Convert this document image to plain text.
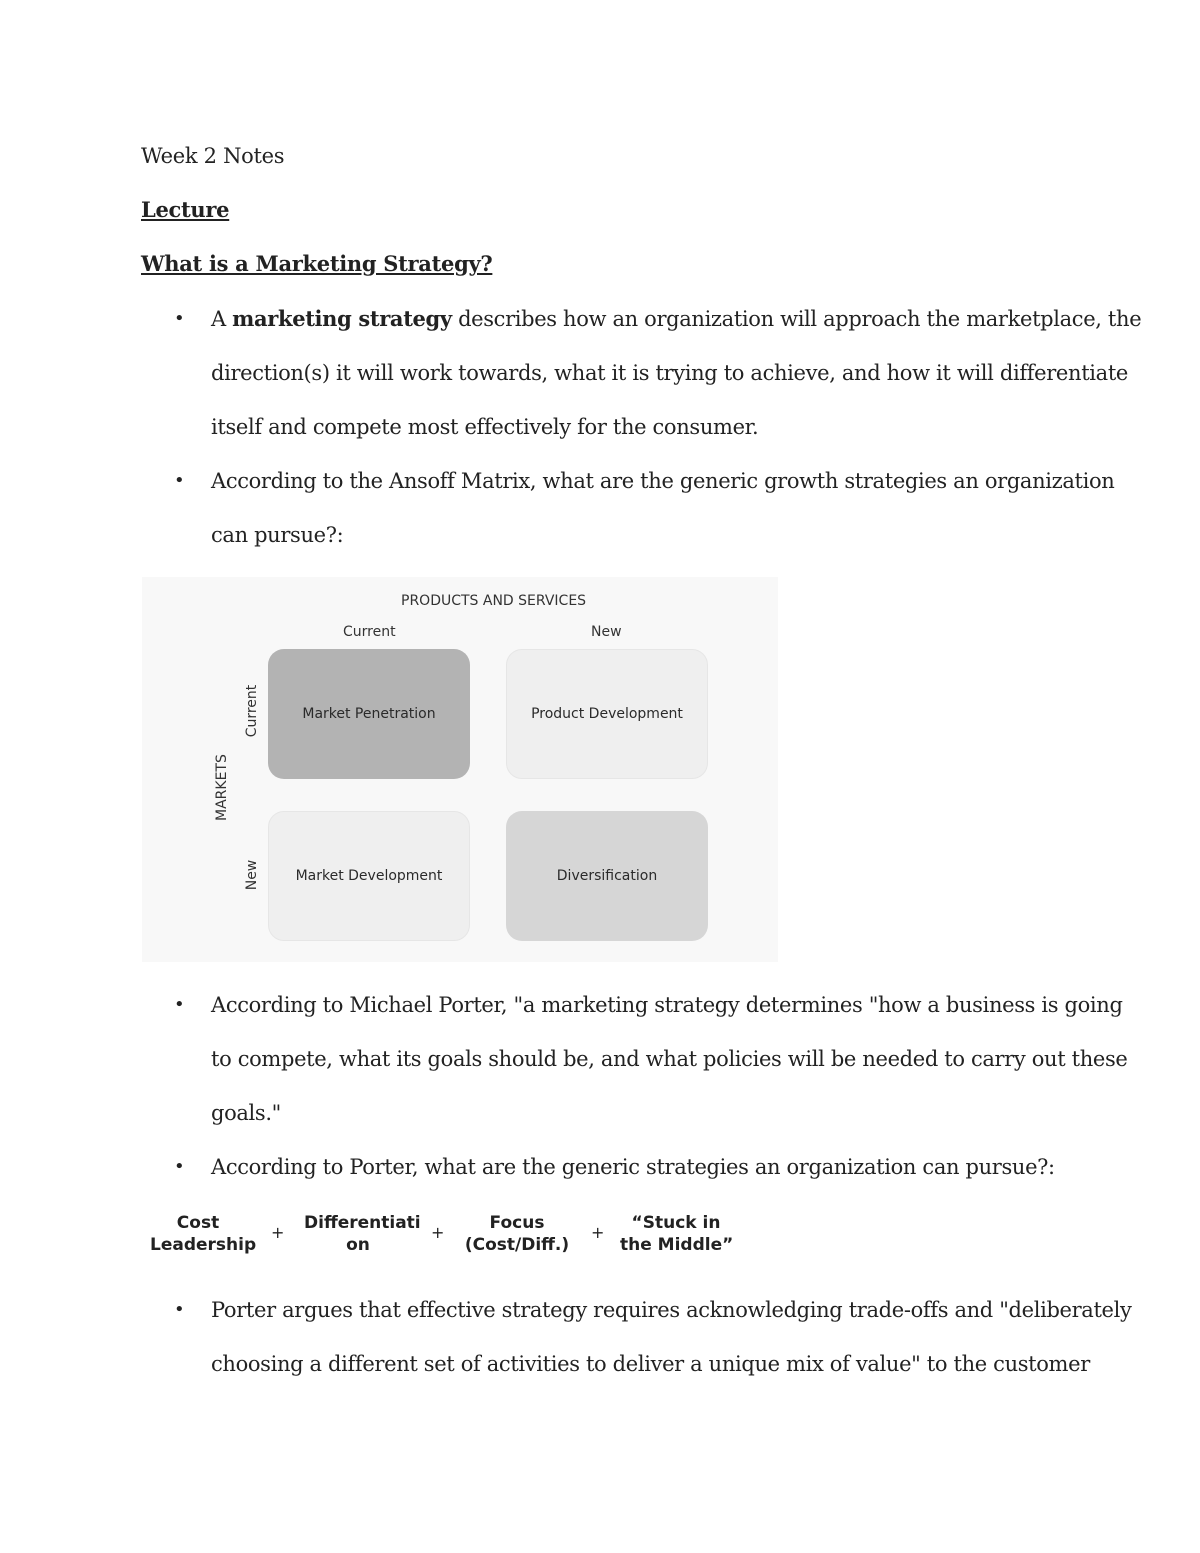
Week 2 Notes
Lecture
What is a Marketing Strategy?
• A marketing strategy describes how an organization will approach the marketplace, the
direction(s) it will work towards, what it is trying to achieve, and how it will differentiate
itself and compete most effectively for the consumer.
• According to the Ansoff Matrix, what are the generic growth strategies an organization
can pursue?:
PRODUCTS AND SERVICES
Current	New
MARKETS
Current
New
Market Penetration	Product Development
Market Development	Diversification
• According to Michael Porter, "a marketing strategy determines "how a business is going
to compete, what its goals should be, and what policies will be needed to carry out these
goals."
• According to Porter, what are the generic strategies an organization can pursue?:
Cost
Leadership
+ Differentiati
on
+	Focus
(Cost/Diff.)
+	“Stuck in
the Middle”
• Porter argues that effective strategy requires acknowledging trade-offs and "deliberately
choosing a different set of activities to deliver a unique mix of value" to the customer
